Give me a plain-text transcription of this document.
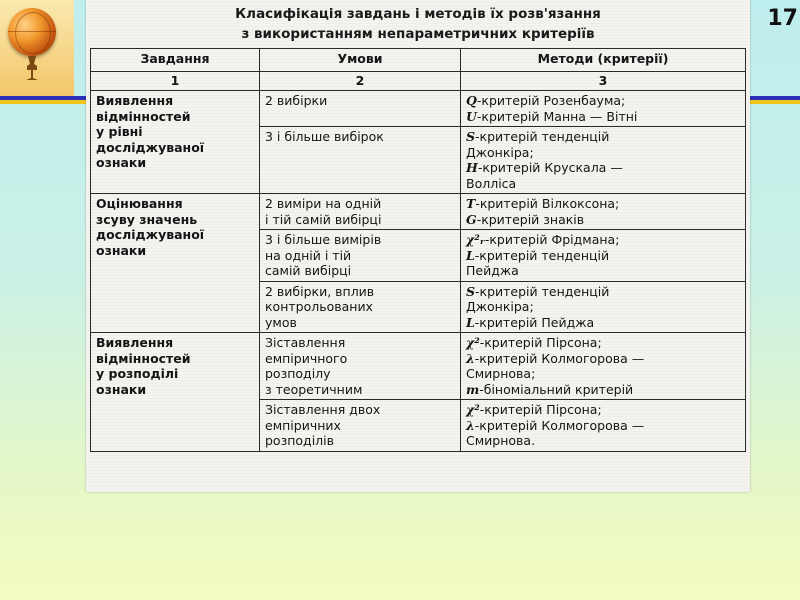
17
Класифікація завдань і методів їх розв'язання
з використанням непараметричних критеріїв
Завдання	Умови	Методи (критерії)
1	2	3

Виявлення
відмінностей
у рівні
досліджуваної
ознаки	2 вибірки	Q-критерій Розенбаума;
U-критерій Манна — Вітні

	3 і більше вибірок	S-критерій тенденцій
Джонкіра;
H-критерій Крускала —
Волліса

Оцінювання
зсуву значень
досліджуваної
ознаки	2 виміри на одній
і тій самій вибірці	T-критерій Вілкоксона;
G-критерій знаків

	3 і більше вимірів
на одній і тій
самій вибірці	χ²ᵣ-критерій Фрідмана;
L-критерій тенденцій
Пейджа

	2 вибірки, вплив
контрольованих
умов	S-критерій тенденцій
Джонкіра;
L-критерій Пейджа

Виявлення
відмінностей
у розподілі
ознаки	Зіставлення
емпіричного
розподілу
з теоретичним	χ²-критерій Пірсона;
λ-критерій Колмогорова —
Смирнова;
m-біноміальний критерій

	Зіставлення двох
емпіричних
розподілів	χ²-критерій Пірсона;
λ-критерій Колмогорова —
Смирнова.
